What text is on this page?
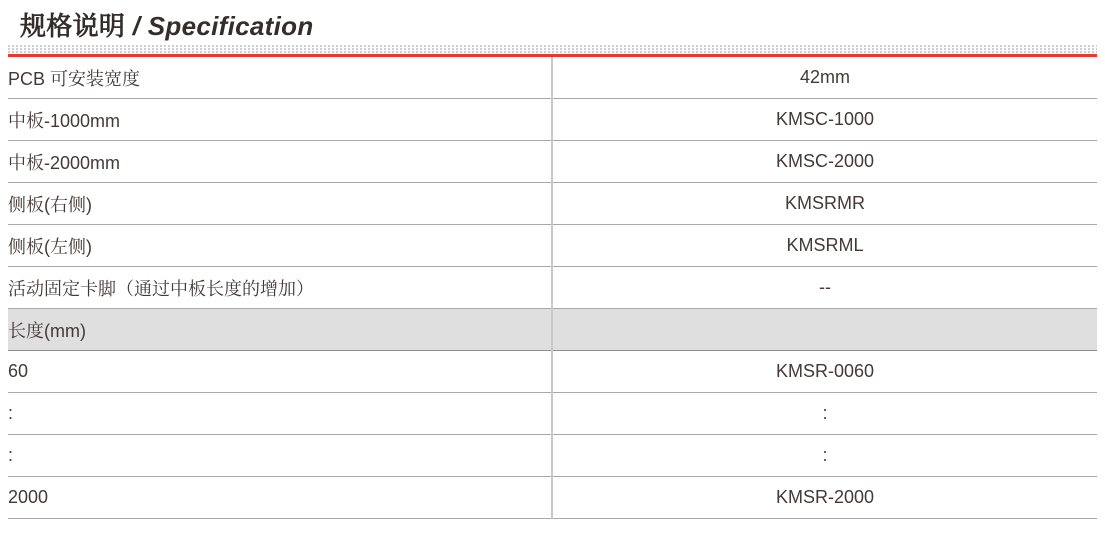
规格说明 / Specification
PCB 可安装宽度	42mm
中板-1000mm	KMSC-1000
中板-2000mm	KMSC-2000
侧板(右侧)	KMSRMR
侧板(左侧)	KMSRML
活动固定卡脚（通过中板长度的增加）	--
长度(mm)	
60	KMSR-0060
:	:
:	:
2000	KMSR-2000
